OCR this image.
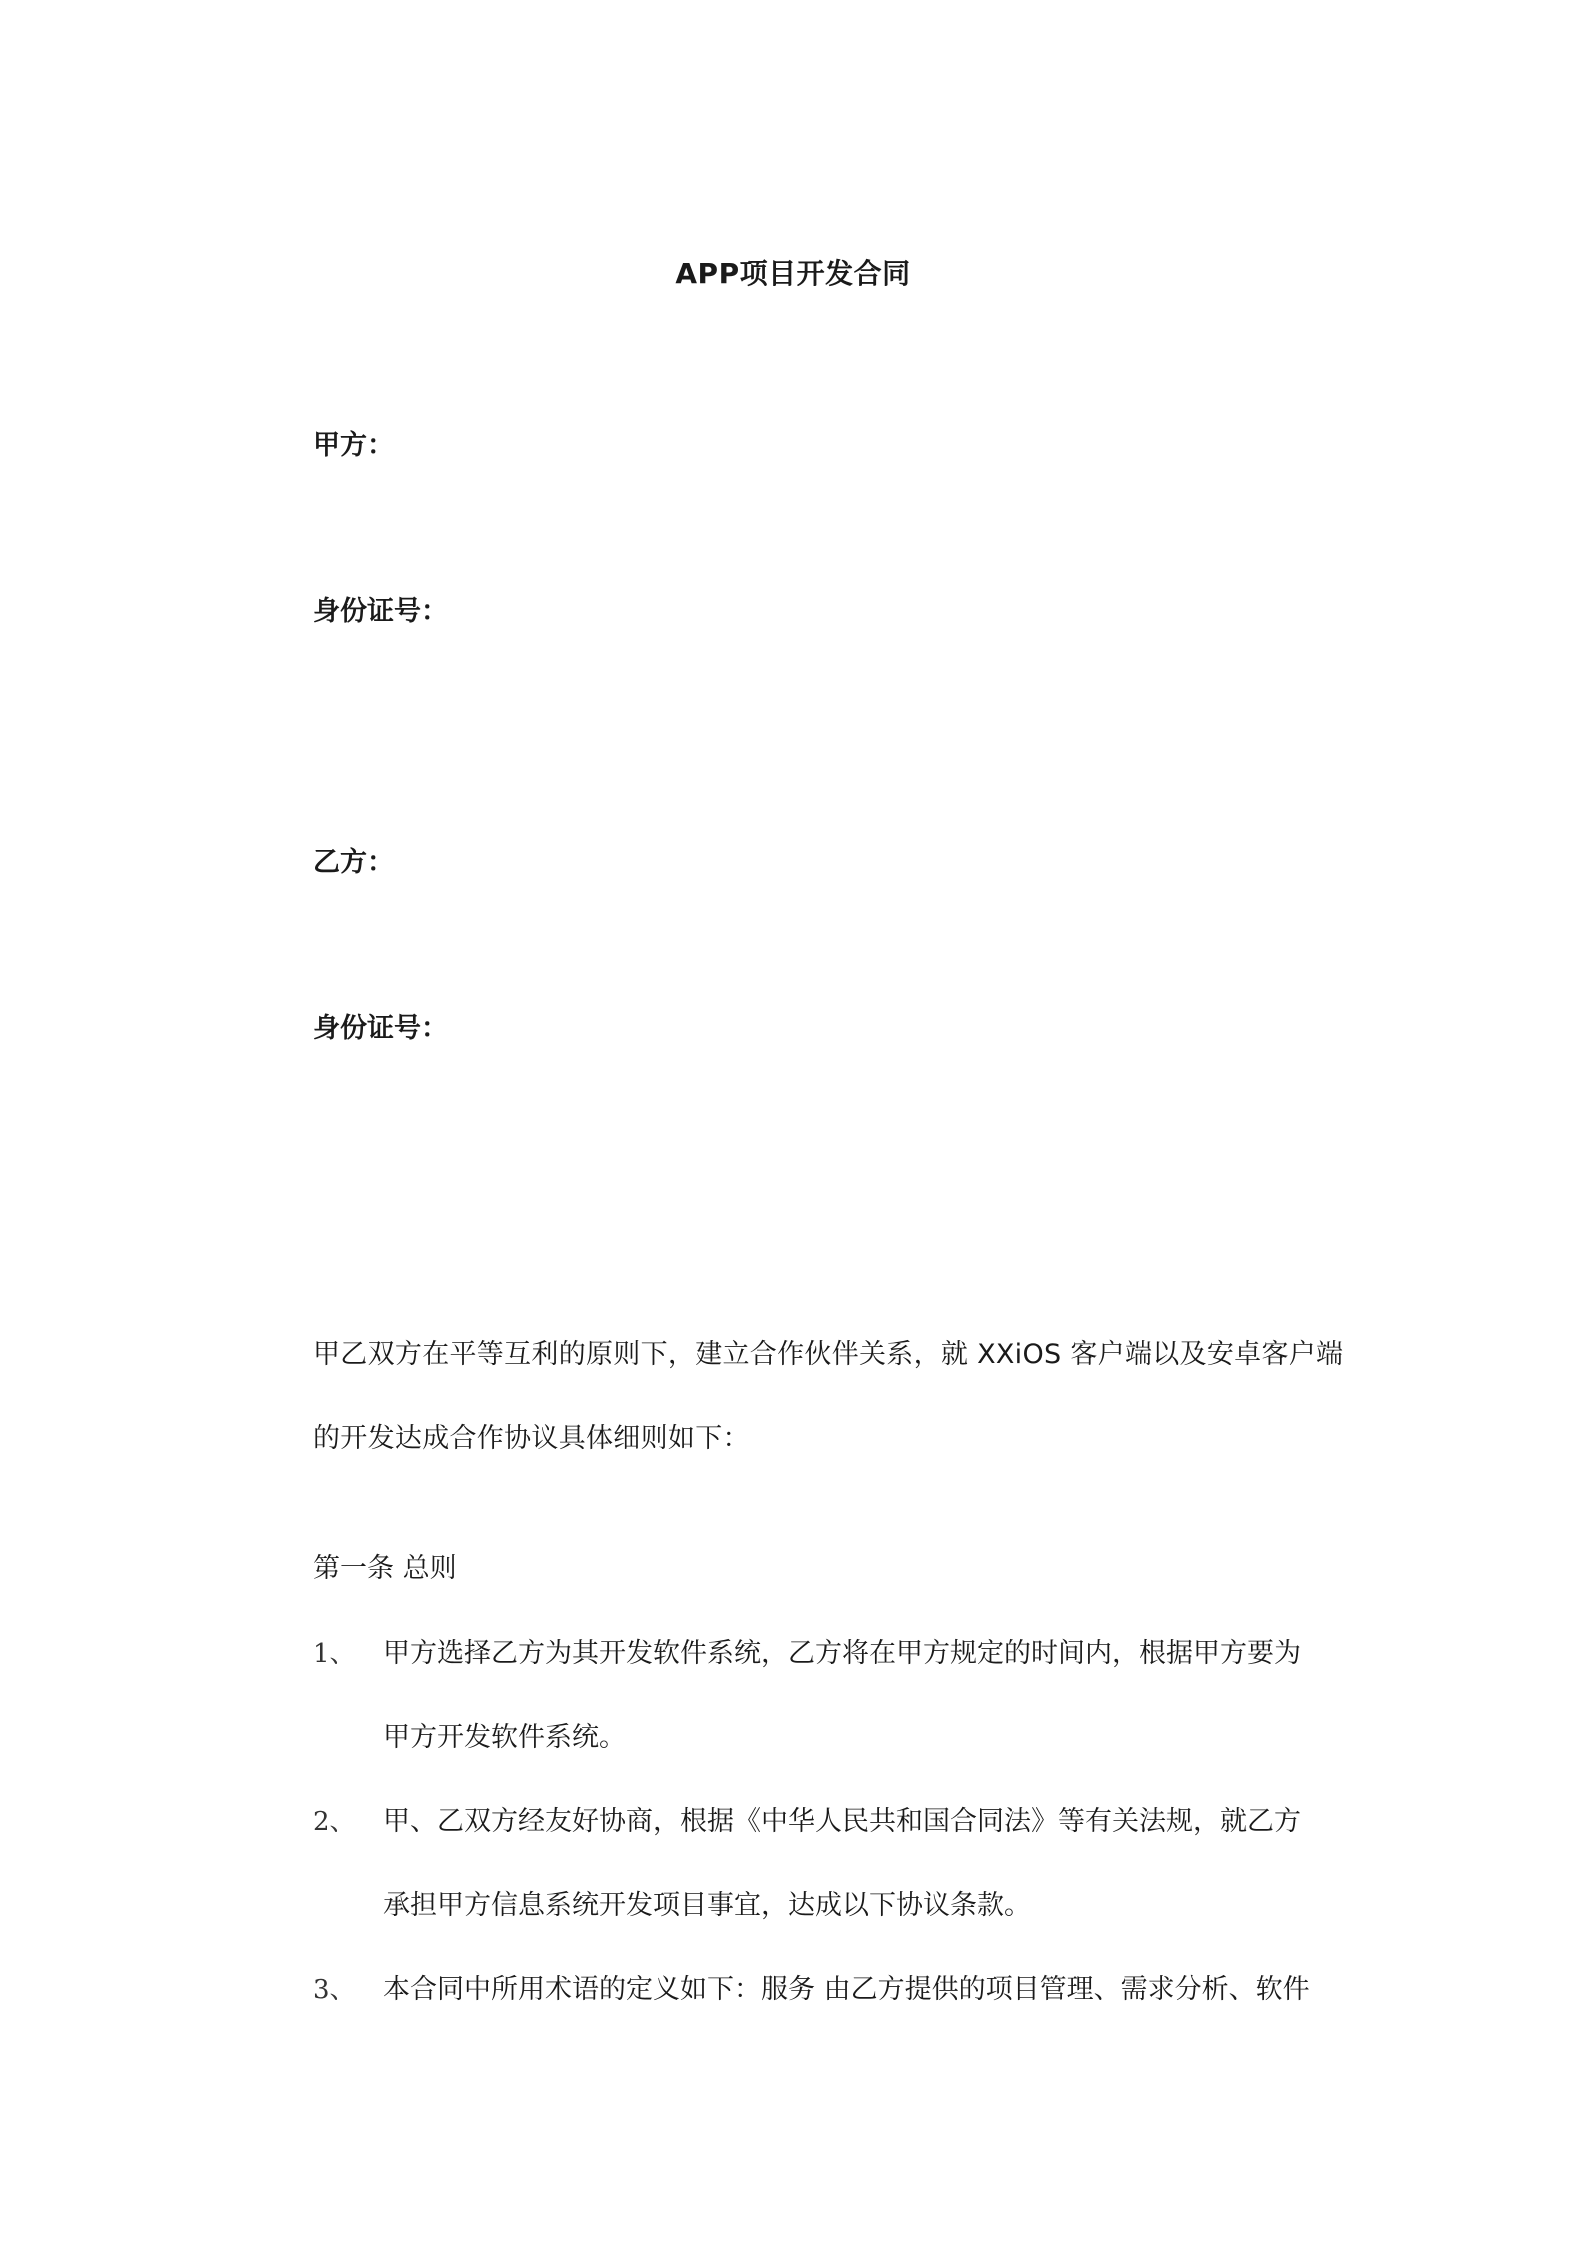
APP项目开发合同
甲方：
身份证号：
乙方：
身份证号：
甲乙双方在平等互利的原则下，建立合作伙伴关系，就 XXiOS 客户端以及安卓客户端
的开发达成合作协议具体细则如下：
第一条 总则
1、 甲方选择乙方为其开发软件系统，乙方将在甲方规定的时间内，根据甲方要为
甲方开发软件系统。
2、 甲、乙双方经友好协商，根据《中华人民共和国合同法》等有关法规，就乙方
承担甲方信息系统开发项目事宜，达成以下协议条款。
3、 本合同中所用术语的定义如下：服务 由乙方提供的项目管理、需求分析、软件
